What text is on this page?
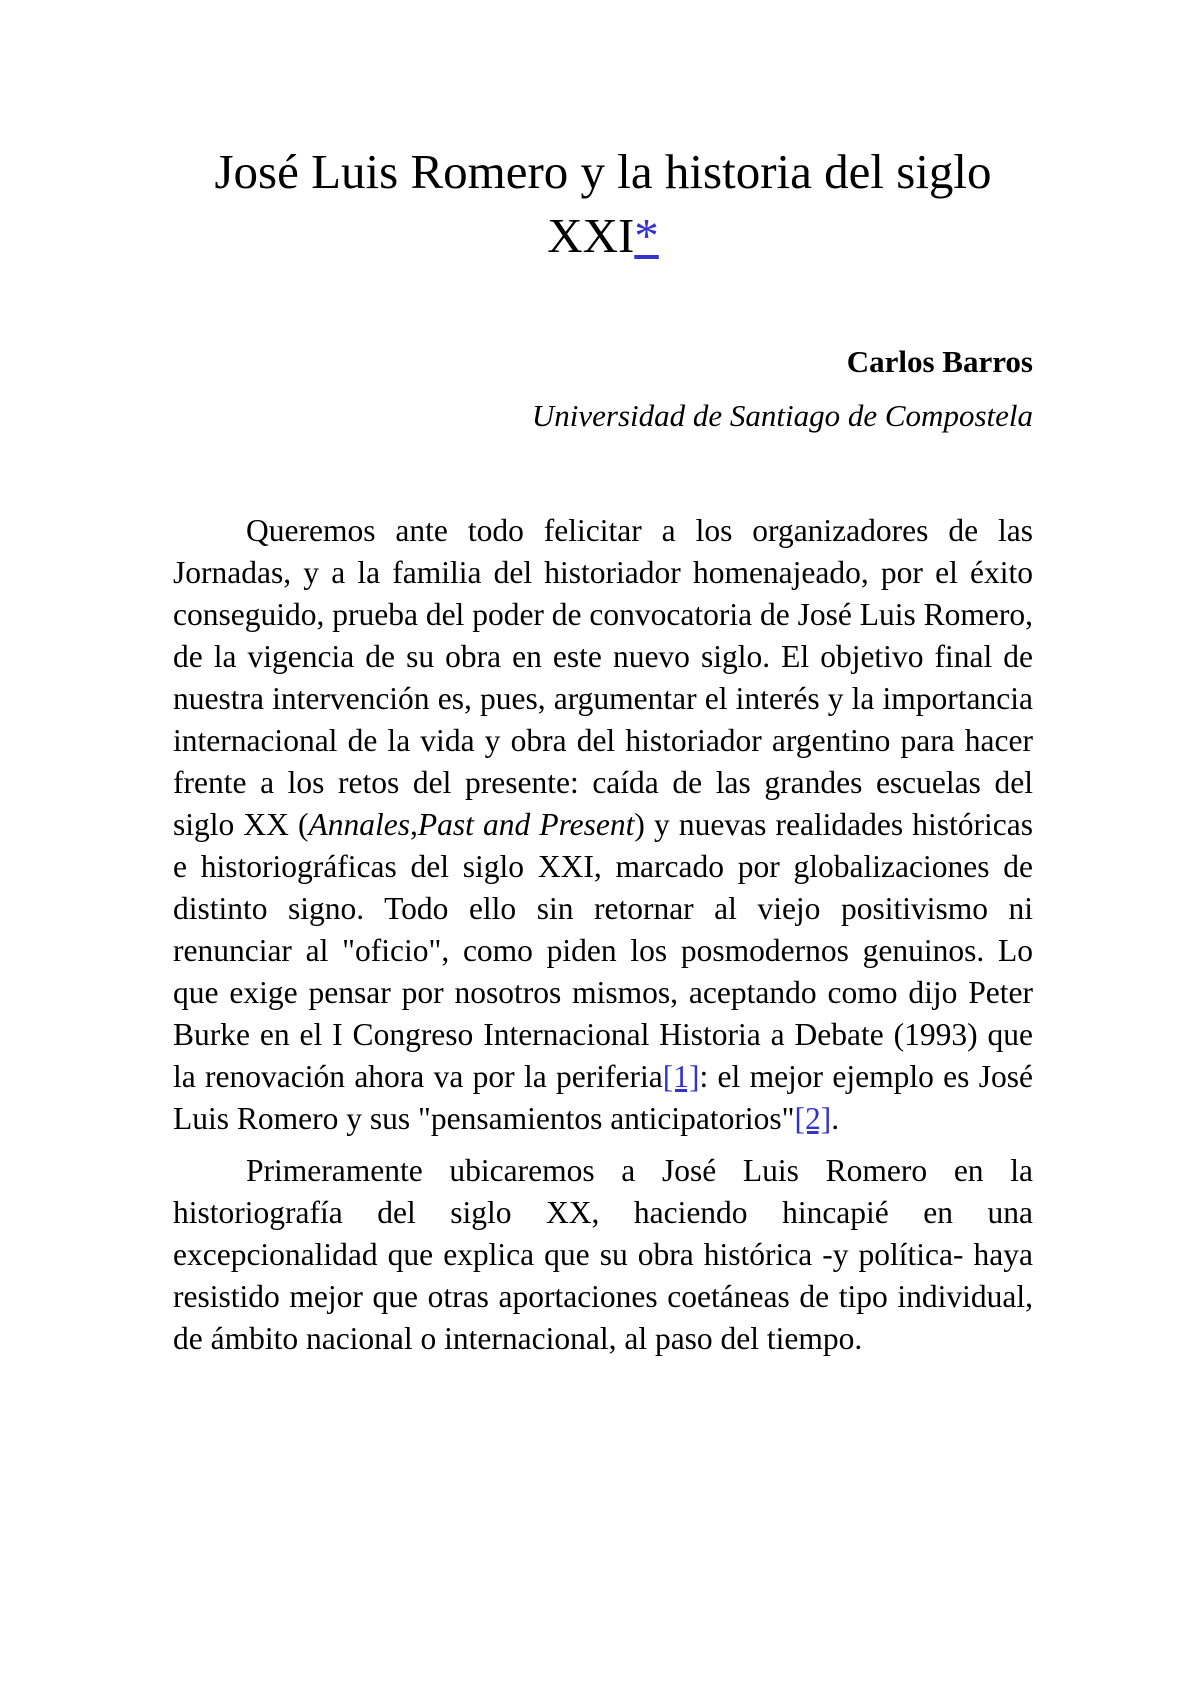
José Luis Romero y la historia del siglo XXI*

Carlos Barros

Universidad de Santiago de Compostela

Queremos ante todo felicitar a los organizadores de las Jornadas, y a la familia del historiador homenajeado, por el éxito conseguido, prueba del poder de convocatoria de José Luis Romero, de la vigencia de su obra en este nuevo siglo. El objetivo final de nuestra intervención es, pues, argumentar el interés y la importancia internacional de la vida y obra del historiador argentino para hacer frente a los retos del presente: caída de las grandes escuelas del siglo XX (Annales,Past and Present) y nuevas realidades históricas e historiográficas del siglo XXI, marcado por globalizaciones de distinto signo. Todo ello sin retornar al viejo positivismo ni renunciar al "oficio", como piden los posmodernos genuinos. Lo que exige pensar por nosotros mismos, aceptando como dijo Peter Burke en el I Congreso Internacional Historia a Debate (1993) que la renovación ahora va por la periferia[1]: el mejor ejemplo es José Luis Romero y sus "pensamientos anticipatorios"[2].

Primeramente ubicaremos a José Luis Romero en la historiografía del siglo XX, haciendo hincapié en una excepcionalidad que explica que su obra histórica -y política- haya resistido mejor que otras aportaciones coetáneas de tipo individual, de ámbito nacional o internacional, al paso del tiempo.
